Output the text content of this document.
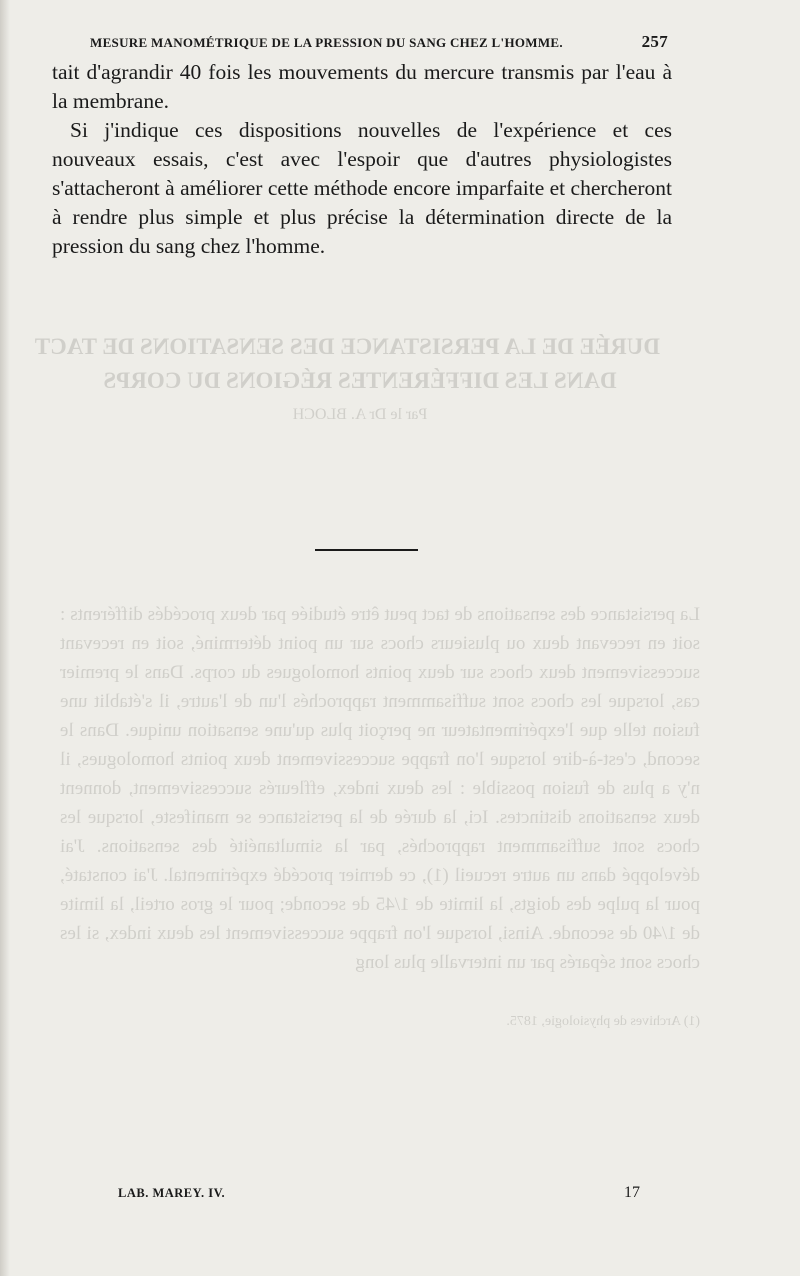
DURÉE DE LA PERSISTANCE DES SENSATIONS DE TACT
DANS LES DIFFÉRENTES RÉGIONS DU CORPS
Par le Dr A. BLOCH
La persistance des sensations de tact peut être étudiée par deux procédés différents : soit en recevant deux ou plusieurs chocs sur un point déterminé, soit en recevant successivement deux chocs sur deux points homologues du corps. Dans le premier cas, lorsque les chocs sont suffisamment rapprochés l'un de l'autre, il s'établit une fusion telle que l'expérimentateur ne perçoit plus qu'une sensation unique. Dans le second, c'est-à-dire lorsque l'on frappe successivement deux points homologues, il n'y a plus de fusion possible : les deux index, effleurés successivement, donnent deux sensations distinctes. Ici, la durée de la persistance se manifeste, lorsque les chocs sont suffisamment rapprochés, par la simultanéité des sensations. J'ai développé dans un autre recueil (1), ce dernier procédé expérimental. J'ai constaté, pour la pulpe des doigts, la limite de 1/45 de seconde; pour le gros orteil, la limite de 1/40 de seconde. Ainsi, lorsque l'on frappe successivement les deux index, si les chocs sont séparés par un intervalle plus long
(1) Archives de physiologie, 1875.
MESURE MANOMÉTRIQUE DE LA PRESSION DU SANG CHEZ L'HOMME.	257

tait d'agrandir 40 fois les mouvements du mercure transmis par l'eau à la membrane.

Si j'indique ces dispositions nouvelles de l'expérience et ces nouveaux essais, c'est avec l'espoir que d'autres physiologistes s'attacheront à améliorer cette méthode encore imparfaite et chercheront à rendre plus simple et plus précise la détermination directe de la pression du sang chez l'homme.

LAB. MAREY. IV.	17
